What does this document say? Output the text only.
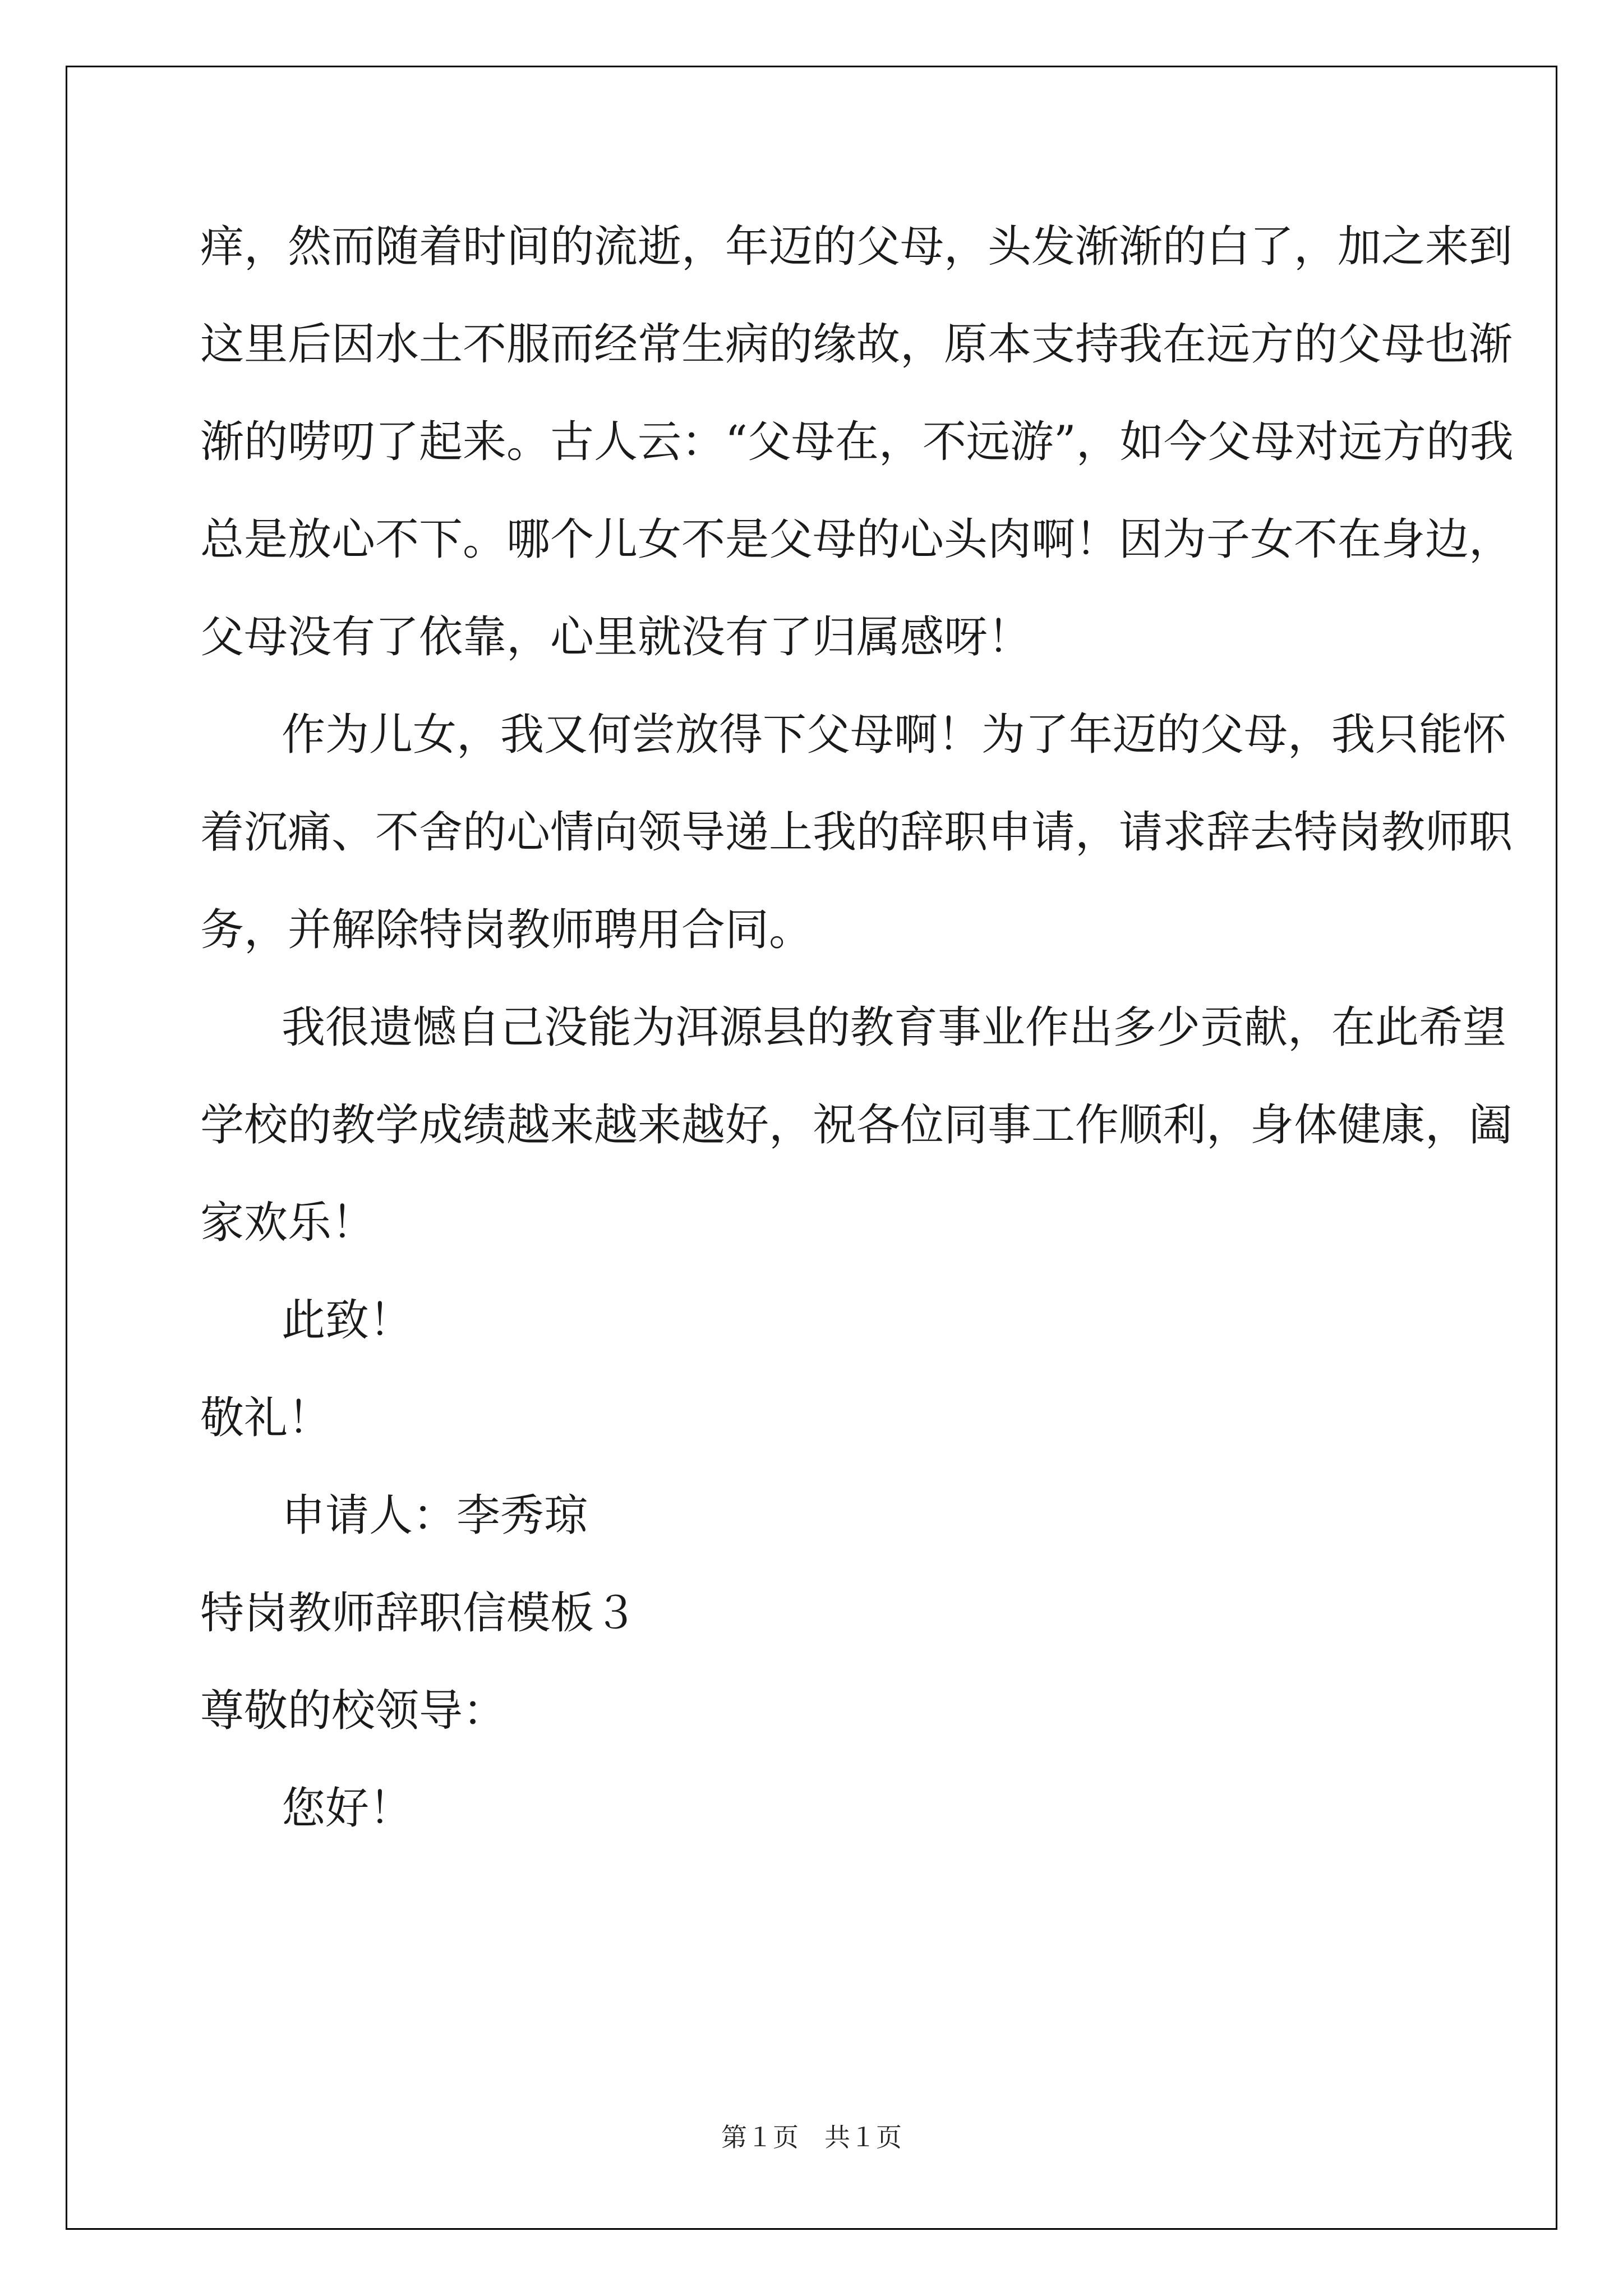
痒，然而随着时间的流逝，年迈的父母，头发渐渐的白了，加之来到
这里后因水土不服而经常生病的缘故，原本支持我在远方的父母也渐
渐的唠叨了起来。古人云：“父母在，不远游”，如今父母对远方的我
总是放心不下。哪个儿女不是父母的心头肉啊！因为子女不在身边，
父母没有了依靠，心里就没有了归属感呀！
作为儿女，我又何尝放得下父母啊！为了年迈的父母，我只能怀
着沉痛、不舍的心情向领导递上我的辞职申请，请求辞去特岗教师职
务，并解除特岗教师聘用合同。
我很遗憾自己没能为洱源县的教育事业作出多少贡献，在此希望
学校的教学成绩越来越来越好，祝各位同事工作顺利，身体健康，阖
家欢乐！
此致！
敬礼！
申请人：李秀琼
特岗教师辞职信模板３
尊敬的校领导：
您好！
第１页　共１页
